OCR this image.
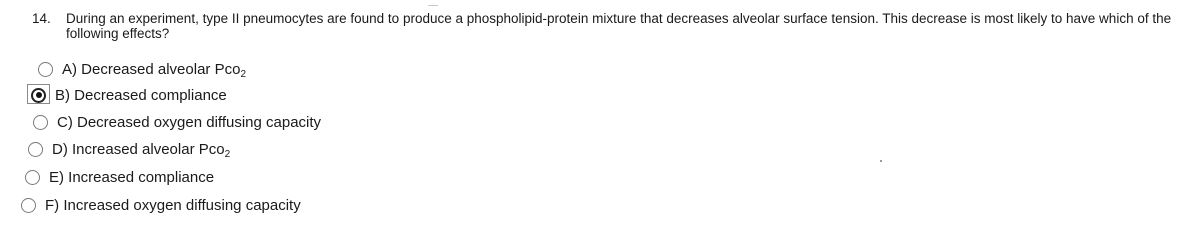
14. During an experiment, type II pneumocytes are found to produce a phospholipid-protein mixture that decreases alveolar surface tension. This decrease is most likely to have which of the following effects?
A) Decreased alveolar Pco$_2$
B) Decreased compliance
C) Decreased oxygen diffusing capacity
D) Increased alveolar Pco$_2$
E) Increased compliance
F) Increased oxygen diffusing capacity
